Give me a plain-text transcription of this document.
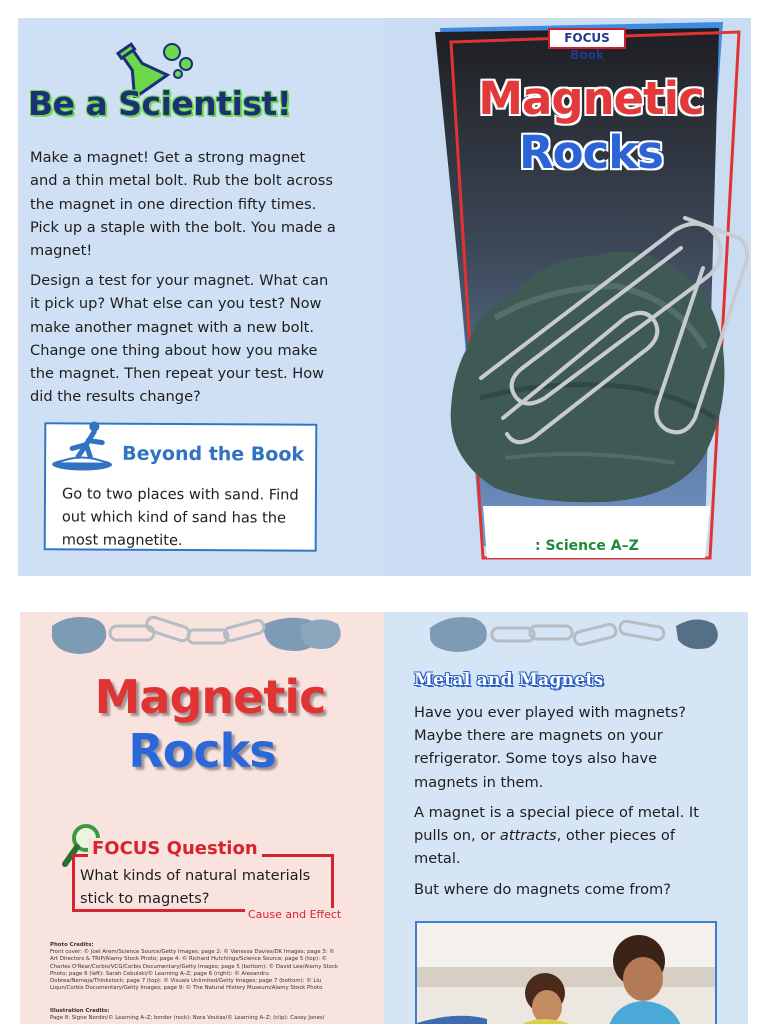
Be a Scientist!
Make a magnet! Get a strong magnet and a thin metal bolt. Rub the bolt across the magnet in one direction fifty times. Pick up a staple with the bolt. You made a magnet!
Design a test for your magnet. What can it pick up? What else can you test? Now make another magnet with a new bolt. Change one thing about how you make the magnet. Then repeat your test. How did the results change?
Beyond the Book
Go to two places with sand. Find out which kind of sand has the most magnetite.
FOCUS Book
Magnetic
Rocks
: Science A–Z
Magnetic
Rocks
FOCUS Question
What kinds of natural materials stick to magnets?
Cause and Effect
Photo Credits:
Front cover: © Joel Arem/Science Source/Getty Images; page 2: © Vanessa Davies/DK Images; page 3: © Art Directors & TRIP/Alamy Stock Photo; page 4: © Richard Hutchings/Science Source; page 5 (top): © Charles O'Rear/Corbis/VCG/Corbis Documentary/Getty Images; page 5 (bottom): © David Lee/Alamy Stock Photo; page 6 (left): Sarah Cebulski/© Learning A–Z; page 6 (right): © Alexandru Dobrea/Nemeja/Thinkstock; page 7 (top): © Visuals Unlimited/Getty Images; page 7 (bottom): © Liu Liqun/Corbis Documentary/Getty Images; page 9: © The Natural History Museum/Alamy Stock Photo
Illustration Credits:
Page 8: Signe Nordin/© Learning A–Z; border (rock): Nora Voutas/© Learning A–Z; (clip): Casey Jones/
Metal and Magnets
Have you ever played with magnets? Maybe there are magnets on your refrigerator. Some toys also have magnets in them.
A magnet is a special piece of metal. It pulls on, or attracts, other pieces of metal.
But where do magnets come from?
